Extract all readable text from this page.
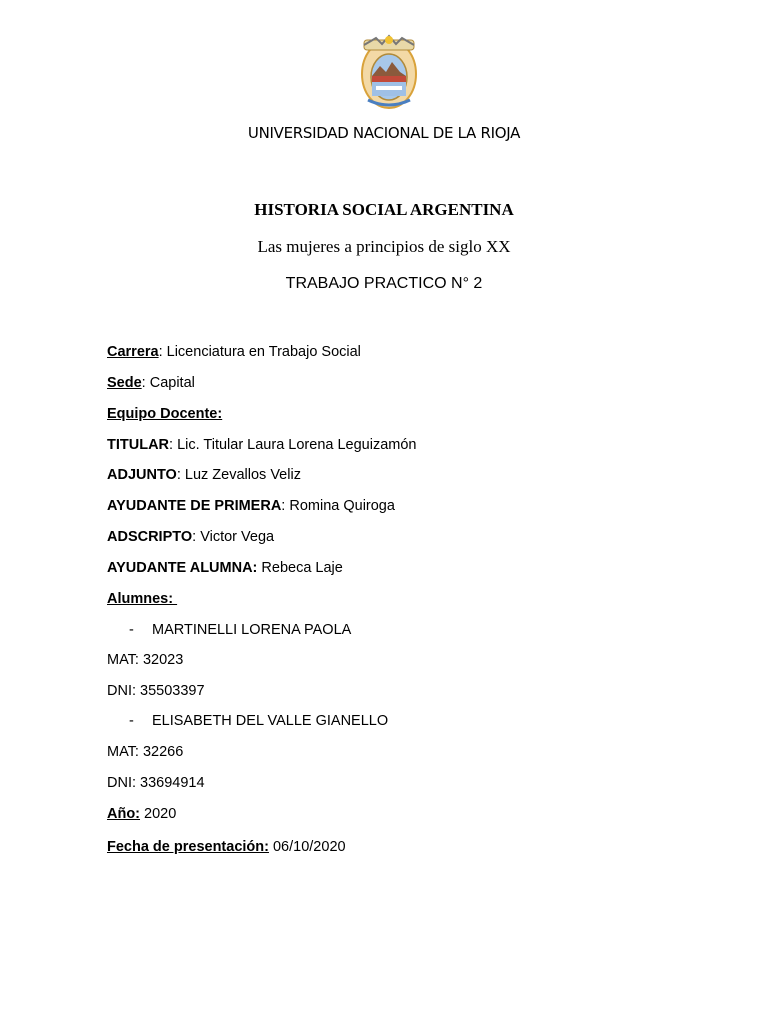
UNIVERSIDAD NACIONAL DE LA RIOJA
HISTORIA SOCIAL ARGENTINA
Las mujeres a principios de siglo XX
TRABAJO PRACTICO N° 2
Carrera: Licenciatura en Trabajo Social
Sede: Capital
Equipo Docente:
TITULAR: Lic. Titular Laura Lorena Leguizamón
ADJUNTO: Luz Zevallos Veliz
AYUDANTE DE PRIMERA: Romina Quiroga
ADSCRIPTO: Victor Vega
AYUDANTE ALUMNA: Rebeca Laje
Alumnes:
- MARTINELLI LORENA PAOLA
MAT: 32023
DNI: 35503397
- ELISABETH DEL VALLE GIANELLO
MAT: 32266
DNI: 33694914
Año: 2020
Fecha de presentación: 06/10/2020
